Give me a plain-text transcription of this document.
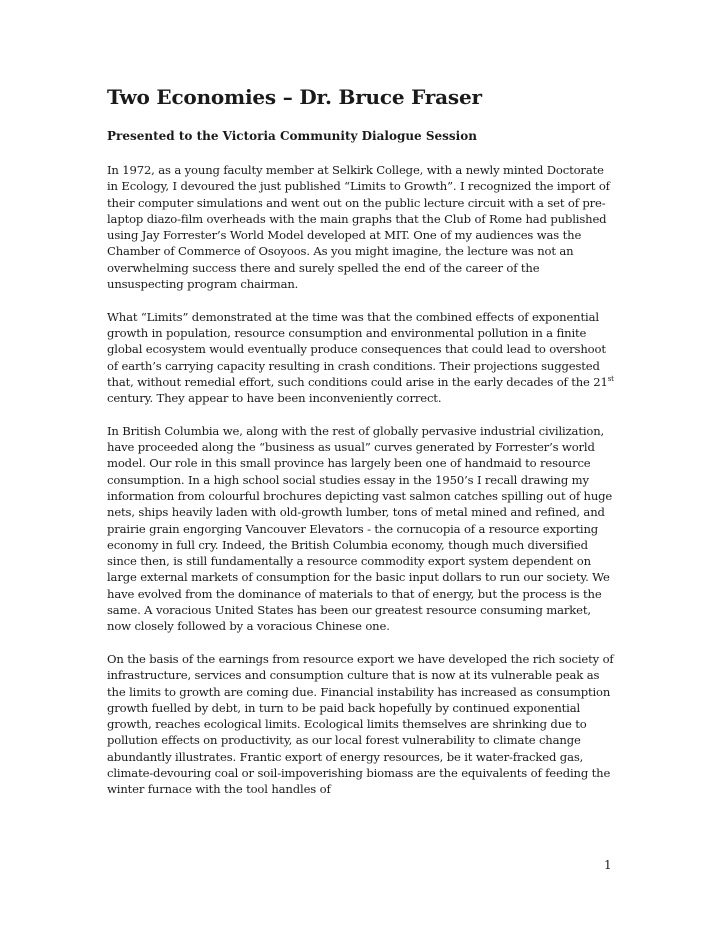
Two Economies – Dr. Bruce Fraser

Presented to the Victoria Community Dialogue Session

In 1972, as a young faculty member at Selkirk College, with a newly minted Doctorate in Ecology, I devoured the just published “Limits to Growth”. I recognized the import of their computer simulations and went out on the public lecture circuit with a set of pre-laptop diazo-film overheads with the main graphs that the Club of Rome had published using Jay Forrester’s World Model developed at MIT. One of my audiences was the Chamber of Commerce of Osoyoos. As you might imagine, the lecture was not an overwhelming success there and surely spelled the end of the career of the unsuspecting program chairman.

What “Limits” demonstrated at the time was that the combined effects of exponential growth in population, resource consumption and environmental pollution in a finite global ecosystem would eventually produce consequences that could lead to overshoot of earth’s carrying capacity resulting in crash conditions. Their projections suggested that, without remedial effort, such conditions could arise in the early decades of the 21st century. They appear to have been inconveniently correct.

In British Columbia we, along with the rest of globally pervasive industrial civilization, have proceeded along the “business as usual” curves generated by Forrester’s world model. Our role in this small province has largely been one of handmaid to resource consumption. In a high school social studies essay in the 1950’s I recall drawing my information from colourful brochures depicting vast salmon catches spilling out of huge nets, ships heavily laden with old-growth lumber, tons of metal mined and refined, and prairie grain engorging Vancouver Elevators - the cornucopia of a resource exporting economy in full cry. Indeed, the British Columbia economy, though much diversified since then, is still fundamentally a resource commodity export system dependent on large external markets of consumption for the basic input dollars to run our society. We have evolved from the dominance of materials to that of energy, but the process is the same. A voracious United States has been our greatest resource consuming market, now closely followed by a voracious Chinese one.

On the basis of the earnings from resource export we have developed the rich society of infrastructure, services and consumption culture that is now at its vulnerable peak as the limits to growth are coming due. Financial instability has increased as consumption growth fuelled by debt, in turn to be paid back hopefully by continued exponential growth, reaches ecological limits. Ecological limits themselves are shrinking due to pollution effects on productivity, as our local forest vulnerability to climate change abundantly illustrates. Frantic export of energy resources, be it water-fracked gas, climate-devouring coal or soil-impoverishing biomass are the equivalents of feeding the winter furnace with the tool handles of

1
